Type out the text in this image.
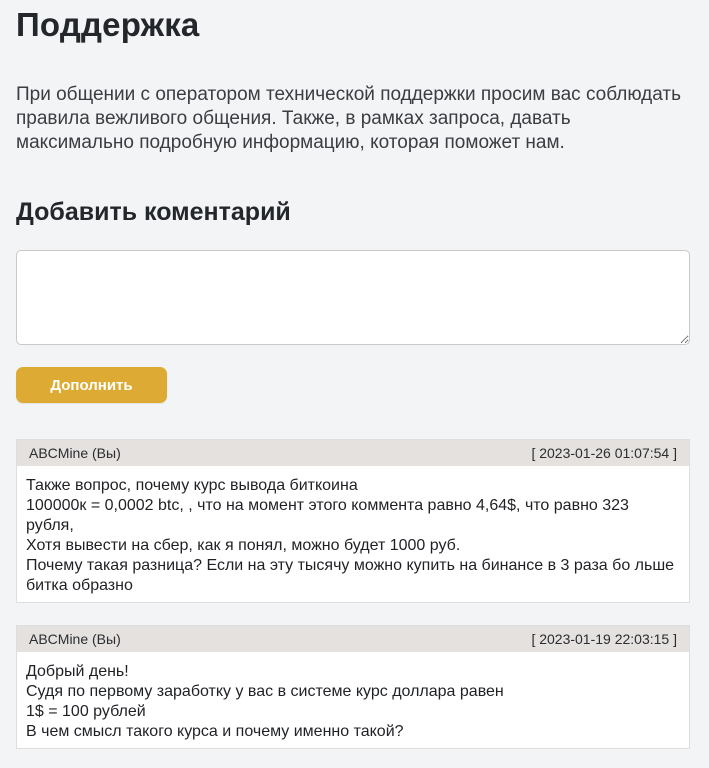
Поддержка

При общении с оператором технической поддержки просим вас соблюдать правила вежливого общения. Также, в рамках запроса, давать максимально подробную информацию, которая поможет нам.

Добавить коментарий
Дополнить
ABCMine (Вы)	[ 2023-01-26 01:07:54 ]
Также вопрос, почему курс вывода биткоина
100000к = 0,0002 btc, , что на момент этого коммента равно 4,64$, что равно 323 рубля,
Хотя вывести на сбер, как я понял, можно будет 1000 руб.
Почему такая разница? Если на эту тысячу можно купить на бинансе в 3 раза бо льше битка образно
ABCMine (Вы)	[ 2023-01-19 22:03:15 ]
Добрый день!
Судя по первому заработку у вас в системе курс доллара равен
1$ = 100 рублей
В чем смысл такого курса и почему именно такой?
